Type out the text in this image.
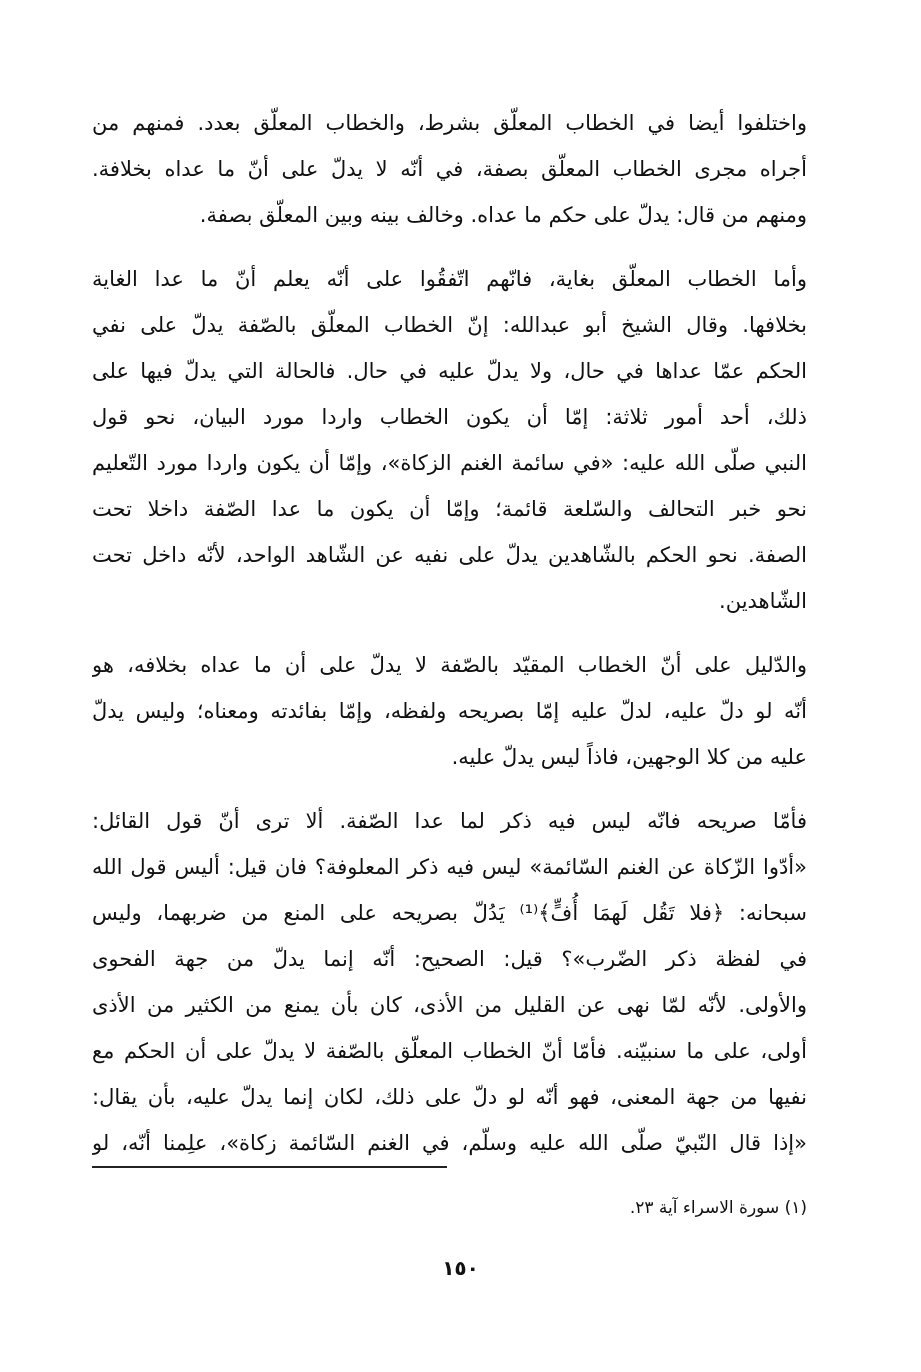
واختلفوا أيضا في الخطاب المعلّق بشرط، والخطاب المعلّق بعدد. فمنهم من
أجراه مجرى الخطاب المعلّق بصفة، في أنّه لا يدلّ على أنّ ما عداه بخلافة.
ومنهم من قال: يدلّ على حكم ما عداه. وخالف بينه وبين المعلّق بصفة.

وأما الخطاب المعلّق بغاية، فانّهم اتّفقُوا على أنّه يعلم أنّ ما عدا الغاية
بخلافها. وقال الشيخ أبو عبدالله: إنّ الخطاب المعلّق بالصّفة يدلّ على نفي
الحكم عمّا عداها في حال، ولا يدلّ عليه في حال. فالحالة التي يدلّ فيها على
ذلك، أحد أمور ثلاثة: إمّا أن يكون الخطاب واردا مورد البيان، نحو قول
النبي صلّى الله عليه: «في سائمة الغنم الزكاة»، وإمّا أن يكون واردا مورد التّعليم
نحو خبر التحالف والسّلعة قائمة؛ وإمّا أن يكون ما عدا الصّفة داخلا تحت
الصفة. نحو الحكم بالشّاهدين يدلّ على نفيه عن الشّاهد الواحد، لأنّه داخل تحت
الشّاهدين.

والدّليل على أنّ الخطاب المقيّد بالصّفة لا يدلّ على أن ما عداه بخلافه، هو
أنّه لو دلّ عليه، لدلّ عليه إمّا بصريحه ولفظه، وإمّا بفائدته ومعناه؛ وليس يدلّ
عليه من كلا الوجهين، فاذاً ليس يدلّ عليه.

فأمّا صريحه فانّه ليس فيه ذكر لما عدا الصّفة. ألا ترى أنّ قول القائل:
«أدّوا الزّكاة عن الغنم السّائمة» ليس فيه ذكر المعلوفة؟ فان قيل: أليس قول الله
سبحانه: ﴿فلا تَقُل لَهمَا أُفٍّ﴾⁽¹⁾ يَدُلّ بصريحه على المنع من ضربهما، وليس
في لفظة ذكر الضّرب»؟ قيل: الصحيح: أنّه إنما يدلّ من جهة الفحوى
والأولى. لأنّه لمّا نهى عن القليل من الأذى، كان بأن يمنع من الكثير من الأذى
أولى، على ما سنبيّنه. فأمّا أنّ الخطاب المعلّق بالصّفة لا يدلّ على أن الحكم مع
نفيها من جهة المعنى، فهو أنّه لو دلّ على ذلك، لكان إنما يدلّ عليه، بأن يقال:
«إذا قال النّبيّ صلّى الله عليه وسلّم، في الغنم السّائمة زكاة»، علِمنا أنّه، لو

(١) سورة الاسراء آية ٢٣.
١٥٠
